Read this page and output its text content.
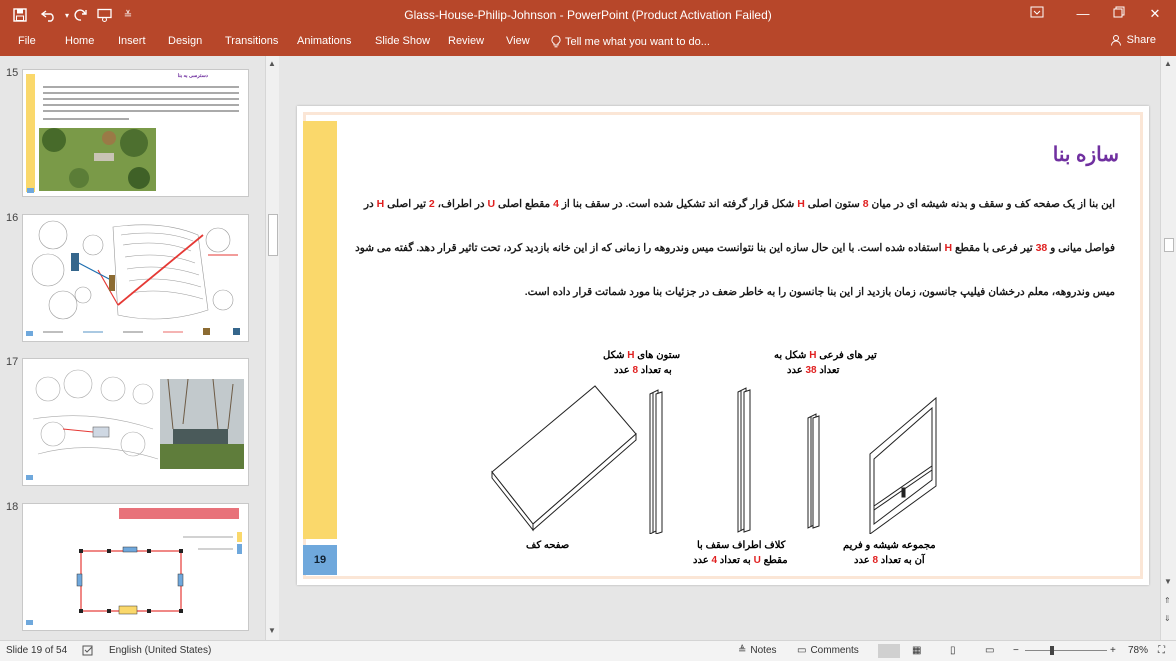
▾	≚	Glass-House-Philip-Johnson - PowerPoint (Product Activation Failed)	—	✕
File	Home Insert Design Transitions Animations Slide Show Review View	Tell me what you want to do...	Share
15	دسترسی به بنا
16
17
18
▲
▼
19
سازه بنا
این بنا از یک صفحه کف و سقف و بدنه شیشه ای در میان 8 ستون اصلی H شکل قرار گرفته اند تشکیل شده است. در سقف بنا از 4 مقطع اصلی U در اطراف، 2 تیر اصلی H در
فواصل میانی و 38 تیر فرعی با مقطع H استفاده شده است. با این حال سازه این بنا نتوانست میس وندروهه را زمانی که از این خانه بازدید کرد، تحت تاثیر قرار دهد. گفته می شود
میس وندروهه، معلم درخشان فیلیپ جانسون، زمان بازدید از این بنا جانسون را به خاطر ضعف در جزئیات بنا مورد شماتت قرار داده است.
ستون های H شکل
به تعداد 8 عدد
تیر های فرعی H شکل به
تعداد 38 عدد
صفحه کف	کلاف اطراف سقف با
مقطع U به تعداد 4 عدد
مجموعه شیشه و فریم
آن به تعداد 8 عدد
▲
▼
⇑
⇓
Slide 19 of 54	English (United States)	≜ Notes ▭ Comments	▦	▯	▭ −	+ 78% ⛶
